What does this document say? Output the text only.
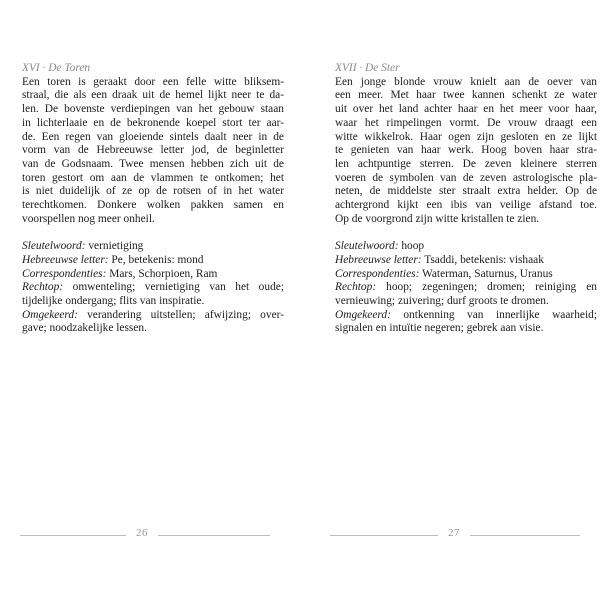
XVI · De Toren

Een toren is geraakt door een felle witte bliksem-
straal, die als een draak uit de hemel lijkt neer te da-
len. De bovenste verdiepingen van het gebouw staan
in lichterlaaie en de bekronende koepel stort ter aar-
de. Een regen van gloeiende sintels daalt neer in de
vorm van de Hebreeuwse letter jod, de beginletter
van de Godsnaam. Twee mensen hebben zich uit de
toren gestort om aan de vlammen te ontkomen; het
is niet duidelijk of ze op de rotsen of in het water
terechtkomen. Donkere wolken pakken samen en
voorspellen nog meer onheil.

Sleutelwoord: vernietiging
Hebreeuwse letter: Pe, betekenis: mond
Correspondenties: Mars, Schorpioen, Ram
Rechtop: omwenteling; vernietiging van het oude;
tijdelijke ondergang; flits van inspiratie.
Omgekeerd: verandering uitstellen; afwijzing; over-
gave; noodzakelijke lessen.
26

XVII · De Ster

Een jonge blonde vrouw knielt aan de oever van
een meer. Met haar twee kannen schenkt ze water
uit over het land achter haar en het meer voor haar,
waar het rimpelingen vormt. De vrouw draagt een
witte wikkelrok. Haar ogen zijn gesloten en ze lijkt
te genieten van haar werk. Hoog boven haar stra-
len achtpuntige sterren. De zeven kleinere sterren
voeren de symbolen van de zeven astrologische pla-
neten, de middelste ster straalt extra helder. Op de
achtergrond kijkt een ibis van veilige afstand toe.
Op de voorgrond zijn witte kristallen te zien.

Sleutelwoord: hoop
Hebreeuwse letter: Tsaddi, betekenis: vishaak
Correspondenties: Waterman, Saturnus, Uranus
Rechtop: hoop; zegeningen; dromen; reiniging en
vernieuwing; zuivering; durf groots te dromen.
Omgekeerd: ontkenning van innerlijke waarheid;
signalen en intuïtie negeren; gebrek aan visie.
27
